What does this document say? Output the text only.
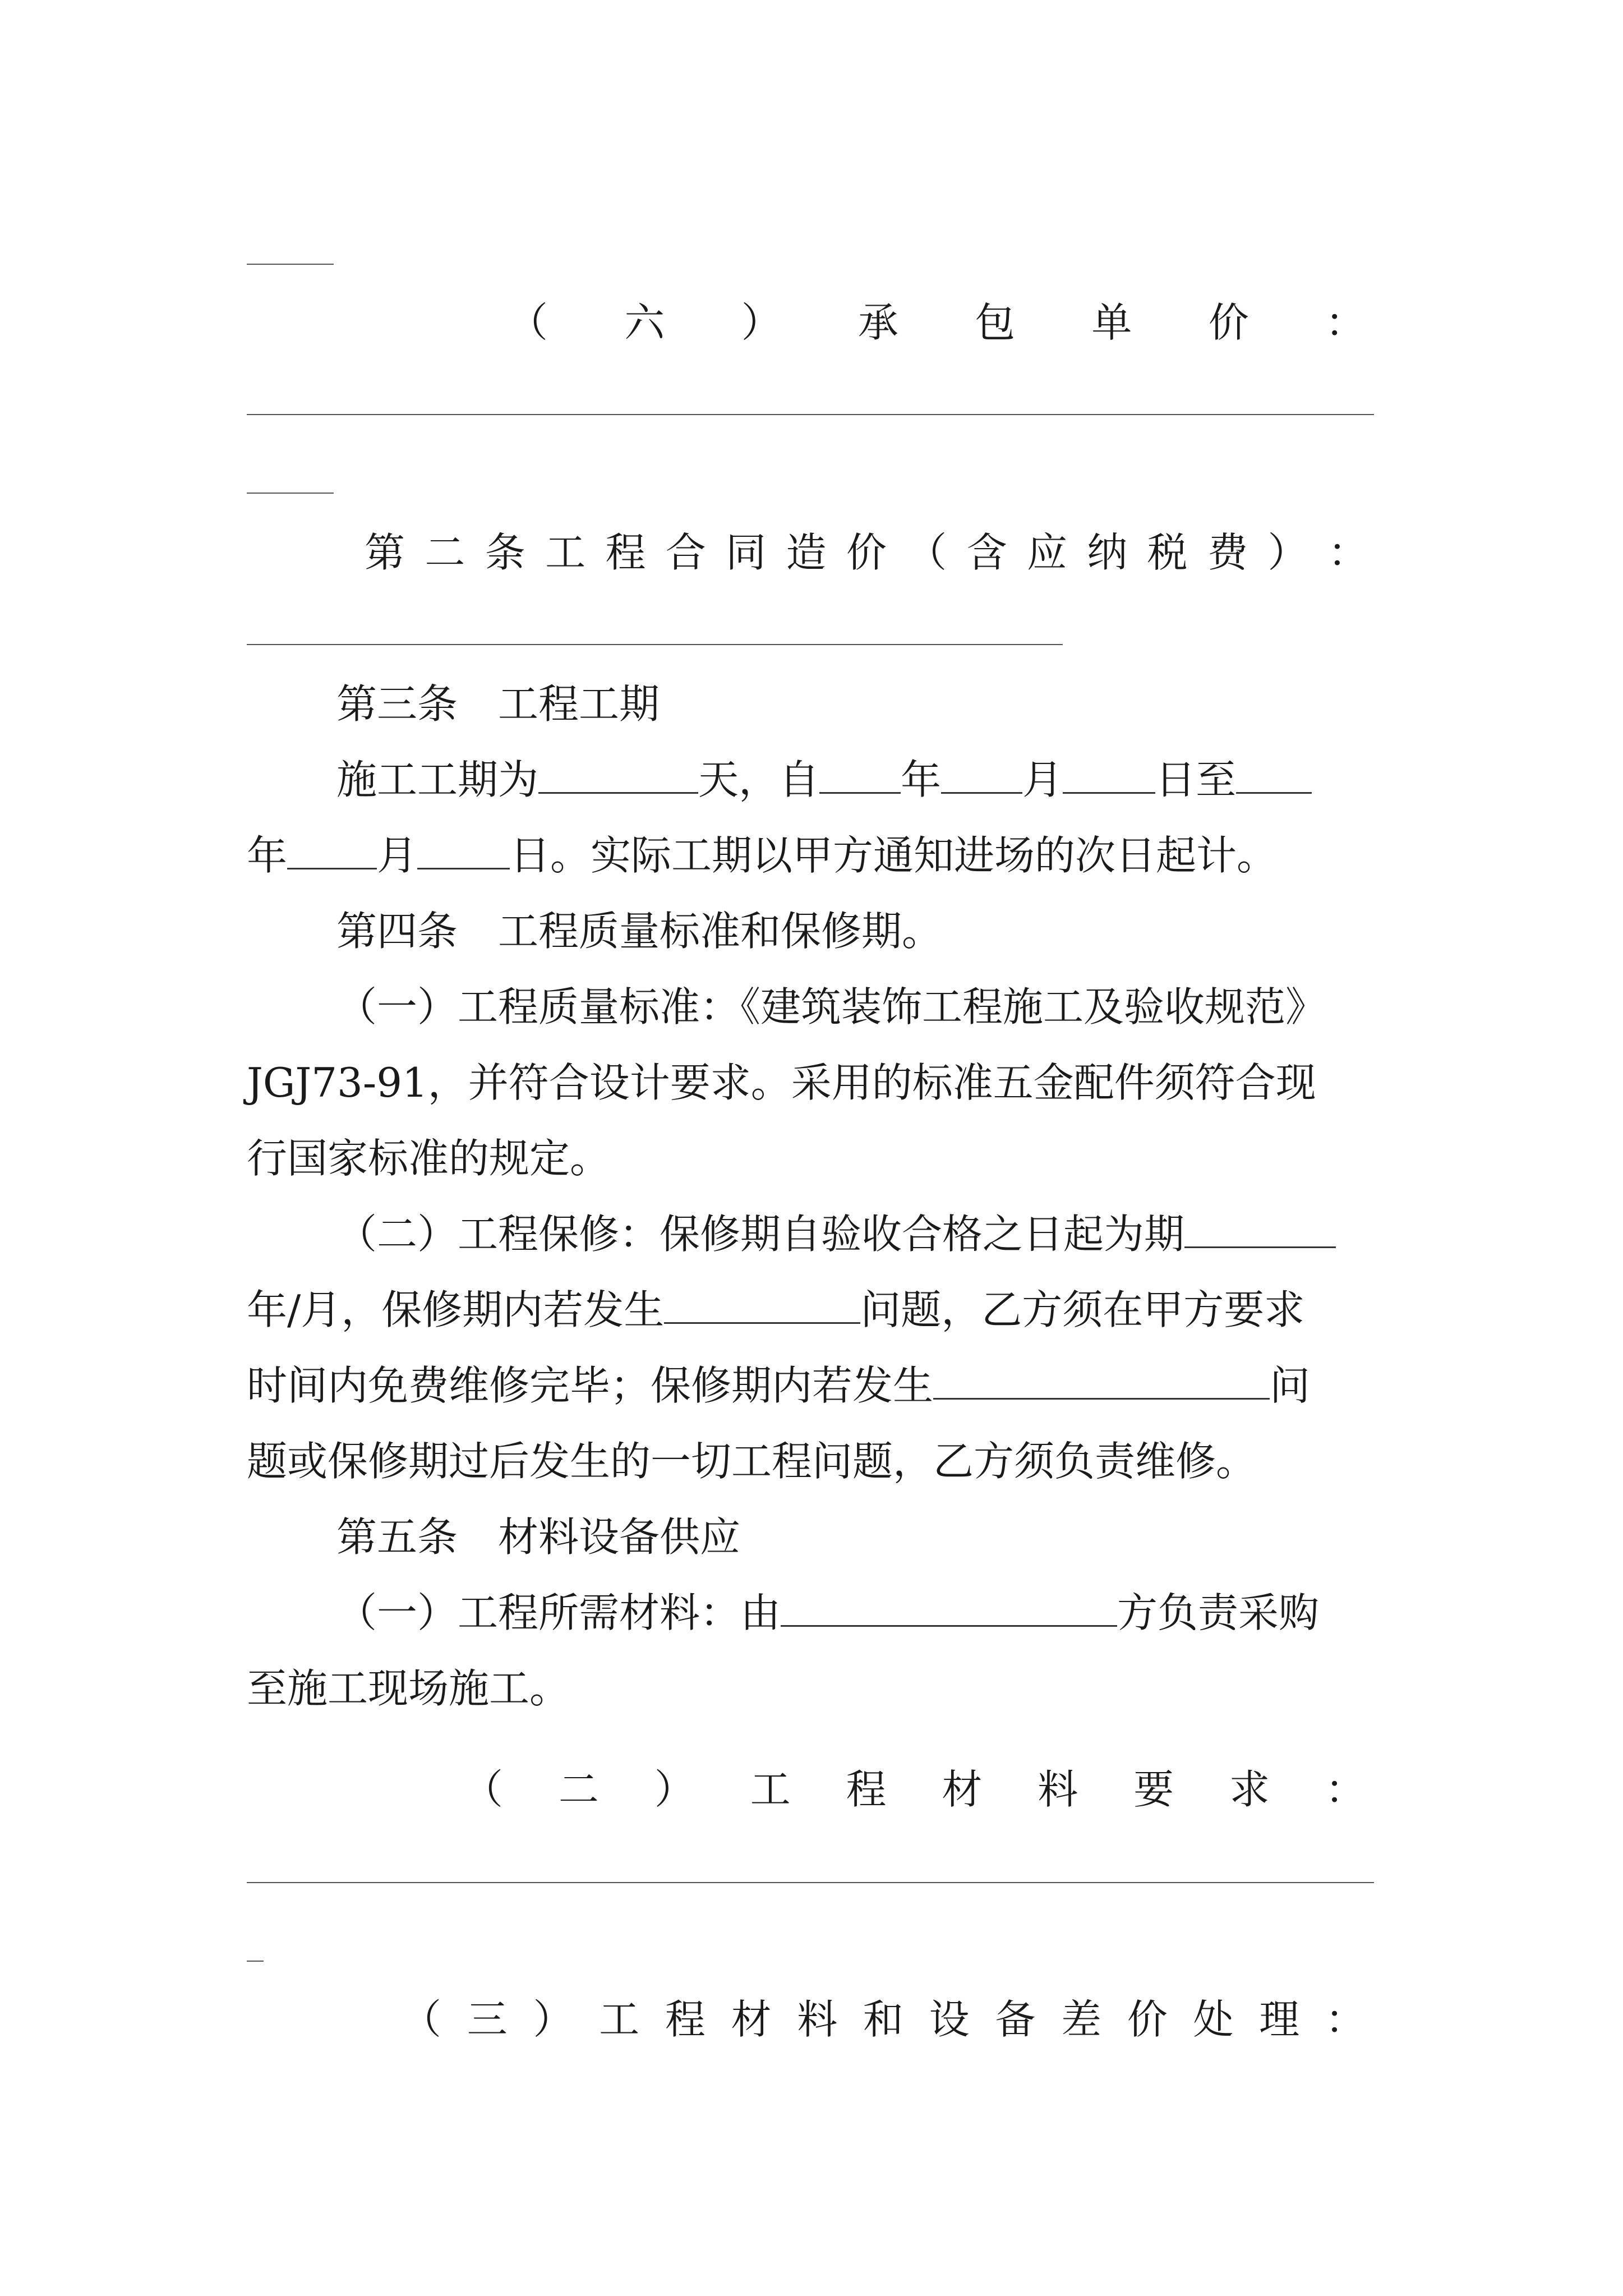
（ 六 ） 承 包 单 价 ：
第 二 条 工 程 合 同 造 价 （ 含 应 纳 税 费 ） ：
第三条　工程工期
施工工期为	天，自 年 月 日至
年 月 日。实际工期以甲方通知进场的次日起计。
第四条　工程质量标准和保修期。
（一）工程质量标准：《建筑装饰工程施工及验收规范》
JGJ73-91，并符合设计要求。采用的标准五金配件须符合现
行国家标准的规定。
（二）工程保修：保修期自验收合格之日起为期
年/月，保修期内若发生	问题，乙方须在甲方要求
时间内免费维修完毕；保修期内若发生	问
题或保修期过后发生的一切工程问题，乙方须负责维修。
第五条　材料设备供应
（一）工程所需材料：由	方负责采购
至施工现场施工。
（ 二 ） 工 程 材 料 要 求 ：
（ 三 ） 工 程 材 料 和 设 备 差 价 处 理 ：
